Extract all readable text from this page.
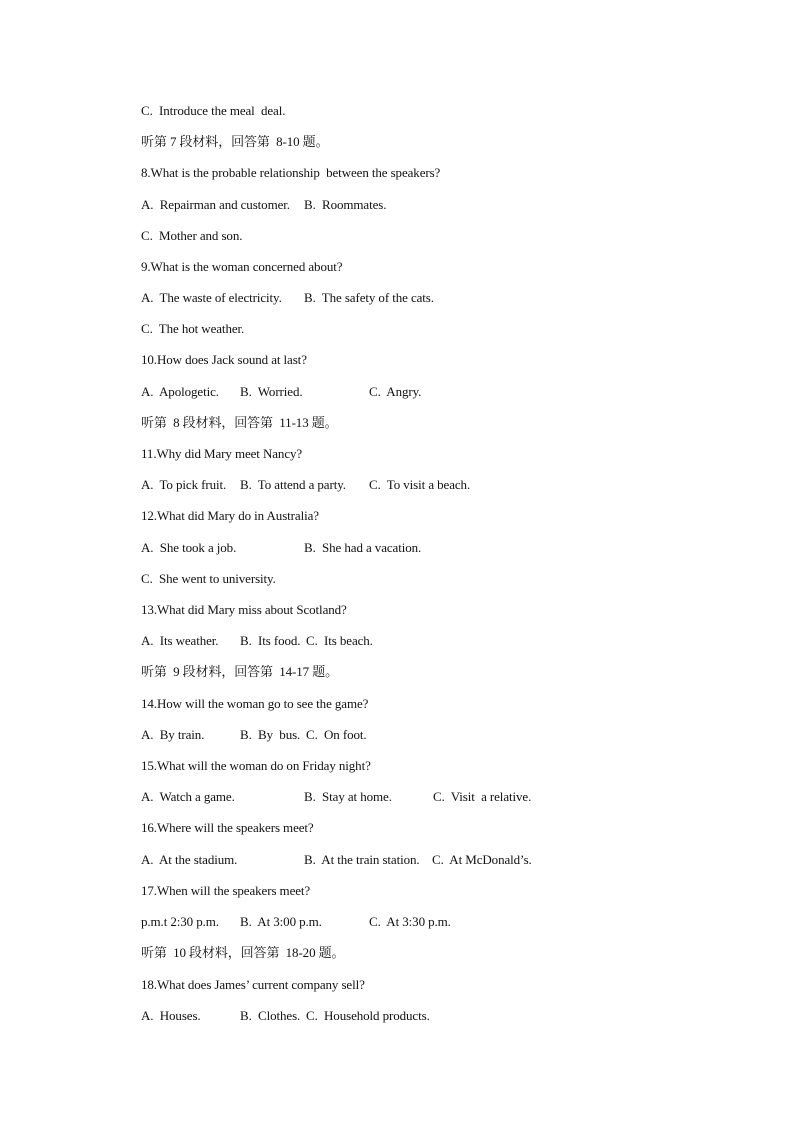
C.  Introduce the meal  deal.

听第 7 段材料，回答第  8-10 题。

8.What is the probable relationship  between the speakers?

A.  Repairman and customer.

B.  Roommates.

C.  Mother and son.

9.What is the woman concerned about?

A.  The waste of electricity.

B.  The safety of the cats.

C.  The hot weather.

10.How does Jack sound at last?

A.  Apologetic.

B.  Worried.

	C.  Angry.

听第  8 段材料，回答第  11-13 题。

11.Why did Mary meet Nancy?

A.  To pick fruit.

B.  To attend a party.

C.  To visit a beach.

12.What did Mary do in Australia?

A.  She took a job.

	B.  She had a vacation.

C.  She went to university.

13.What did Mary miss about Scotland?

A.  Its weather.

B.  Its food.

C.  Its beach.

听第  9 段材料，回答第  14-17 题。

14.How will the woman go to see the game?

A.  By train.

	B.  By  bus.

C.  On foot.

15.What will the woman do on Friday night?

A.  Watch a game.

	B.  Stay at home.

	C.  Visit  a relative.

16.Where will the speakers meet?

A.  At the stadium.

	B.  At the train station.

C.  At McDonald’s.

17.When will the speakers meet?

p.m.t 2:30 p.m.

B.  At 3:00 p.m.

	C.  At 3:30 p.m.

听第  10 段材料，回答第  18-20 题。

18.What does James’ current company sell?

A.  Houses.

	B.  Clothes.

C.  Household products.
